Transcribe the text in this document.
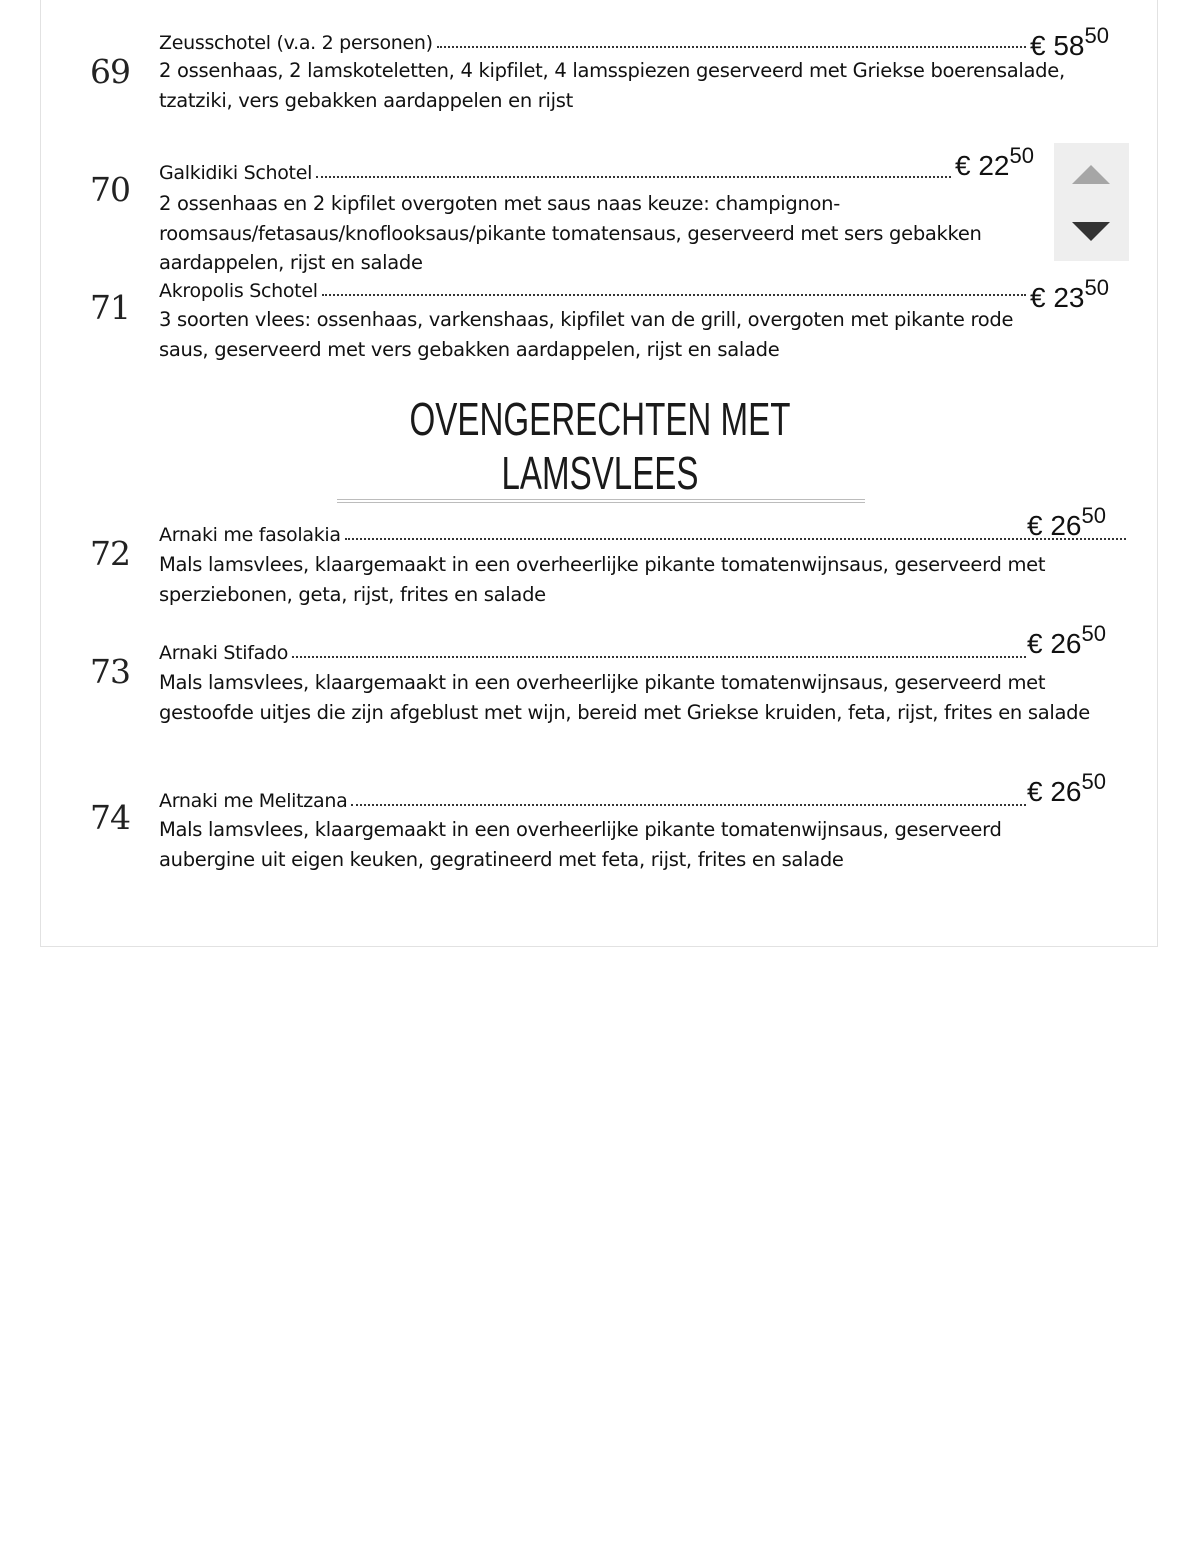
69
Zeusschotel (v.a. 2 personen)	€ $58^{50}$
2 ossenhaas, 2 lamskoteletten, 4 kipfilet, 4 lamsspiezen geserveerd met Griekse boerensalade, tzatziki, vers gebakken aardappelen en rijst
70	Galkidiki Schotel	€ $22^{50}$
2 ossenhaas en 2 kipfilet overgoten met saus naas keuze: champignon-roomsaus/fetasaus/knoflooksaus/pikante tomatensaus, geserveerd met sers gebakken aardappelen, rijst en salade
71	Akropolis Schotel	€ $23^{50}$
3 soorten vlees: ossenhaas, varkenshaas, kipfilet van de grill, overgoten met pikante rode saus, geserveerd met vers gebakken aardappelen, rijst en salade
OVENGERECHTEN MET
LAMSVLEES
72	Arnaki me fasolakia	€ $26^{50}$
Mals lamsvlees, klaargemaakt in een overheerlijke pikante tomatenwijnsaus, geserveerd met sperziebonen, geta, rijst, frites en salade
73	Arnaki Stifado	€ $26^{50}$
Mals lamsvlees, klaargemaakt in een overheerlijke pikante tomatenwijnsaus, geserveerd met gestoofde uitjes die zijn afgeblust met wijn, bereid met Griekse kruiden, feta, rijst, frites en salade
74	Arnaki me Melitzana	€ $26^{50}$
Mals lamsvlees, klaargemaakt in een overheerlijke pikante tomatenwijnsaus, geserveerd aubergine uit eigen keuken, gegratineerd met feta, rijst, frites en salade
